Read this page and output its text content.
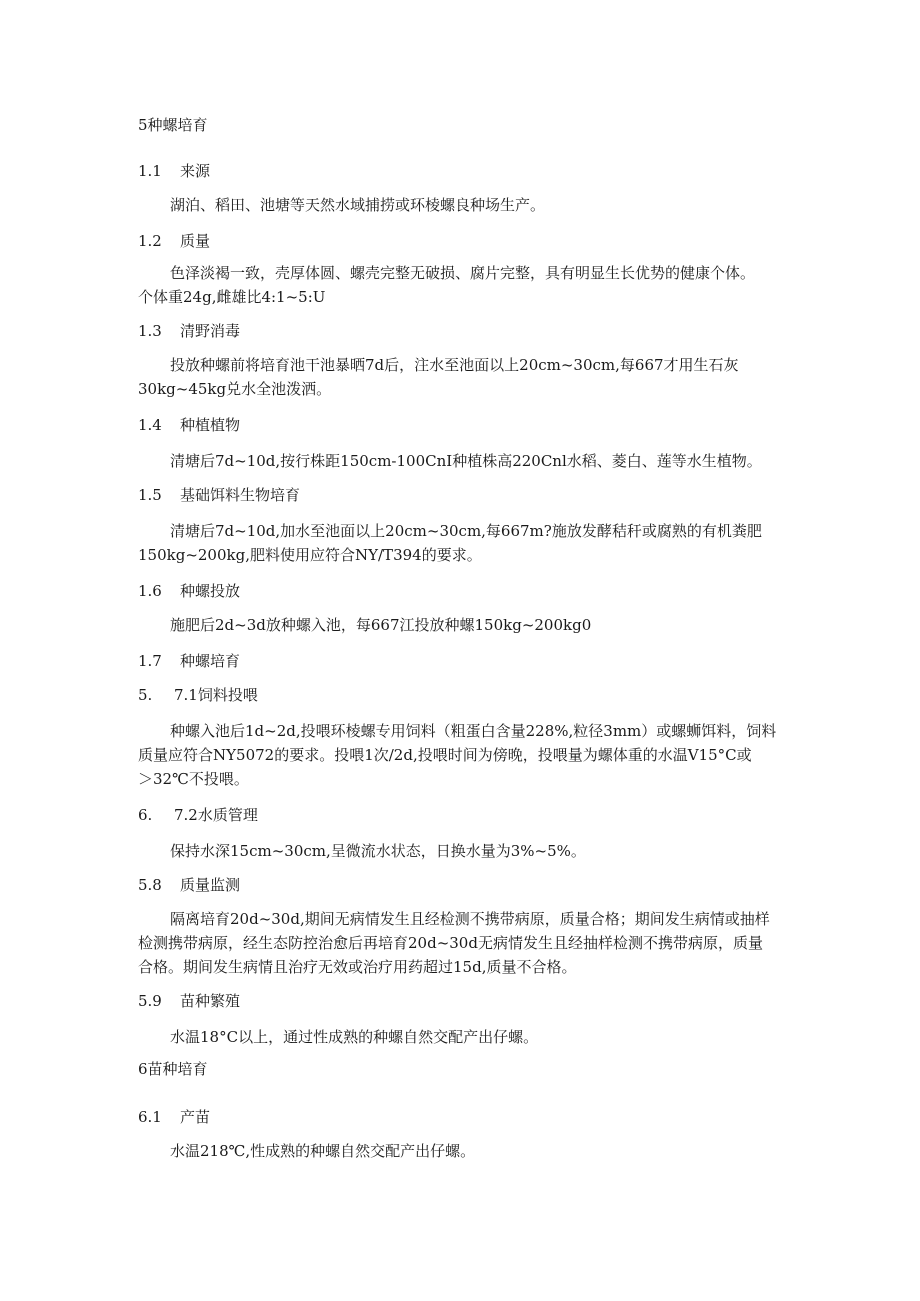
5种螺培育
1.1 来源
湖泊、稻田、池塘等天然水域捕捞或环棱螺良种场生产。
1.2 质量
色泽淡褐一致，壳厚体圆、螺壳完整无破损、腐片完整，具有明显生长优势的健康个体。
个体重24g,雌雄比4:1~5:U
1.3 清野消毒
投放种螺前将培育池干池暴晒7d后，注水至池面以上20cm~30cm,每667才用生石灰
30kg~45kg兑水全池泼洒。
1.4 种植植物
清塘后7d~10d,按行株距150cm-100CnI种植株高220Cnl水稻、菱白、莲等水生植物。
1.5 基础饵料生物培育
清塘后7d~10d,加水至池面以上20cm~30cm,每667m?施放发酵秸秆或腐熟的有机粪肥
150kg~200kg,肥料使用应符合NY/T394的要求。
1.6 种螺投放
施肥后2d~3d放种螺入池，每667江投放种螺150kg~200kg0
1.7 种螺培育
5. 7.1饲料投喂
种螺入池后1d~2d,投喂环棱螺专用饲料（粗蛋白含量228%,粒径3mm）或螺蛳饵料，饲料
质量应符合NY5072的要求。投喂1次/2d,投喂时间为傍晚，投喂量为螺体重的水温V15°C或
＞32℃不投喂。
6. 7.2水质管理
保持水深15cm~30cm,呈微流水状态，日换水量为3%~5%。
5.8 质量监测
隔离培育20d~30d,期间无病情发生且经检测不携带病原，质量合格；期间发生病情或抽样
检测携带病原，经生态防控治愈后再培育20d~30d无病情发生且经抽样检测不携带病原，质量
合格。期间发生病情且治疗无效或治疗用药超过15d,质量不合格。
5.9 苗种繁殖
水温18°C以上，通过性成熟的种螺自然交配产出仔螺。
6苗种培育
6.1 产苗
水温218℃,性成熟的种螺自然交配产出仔螺。
